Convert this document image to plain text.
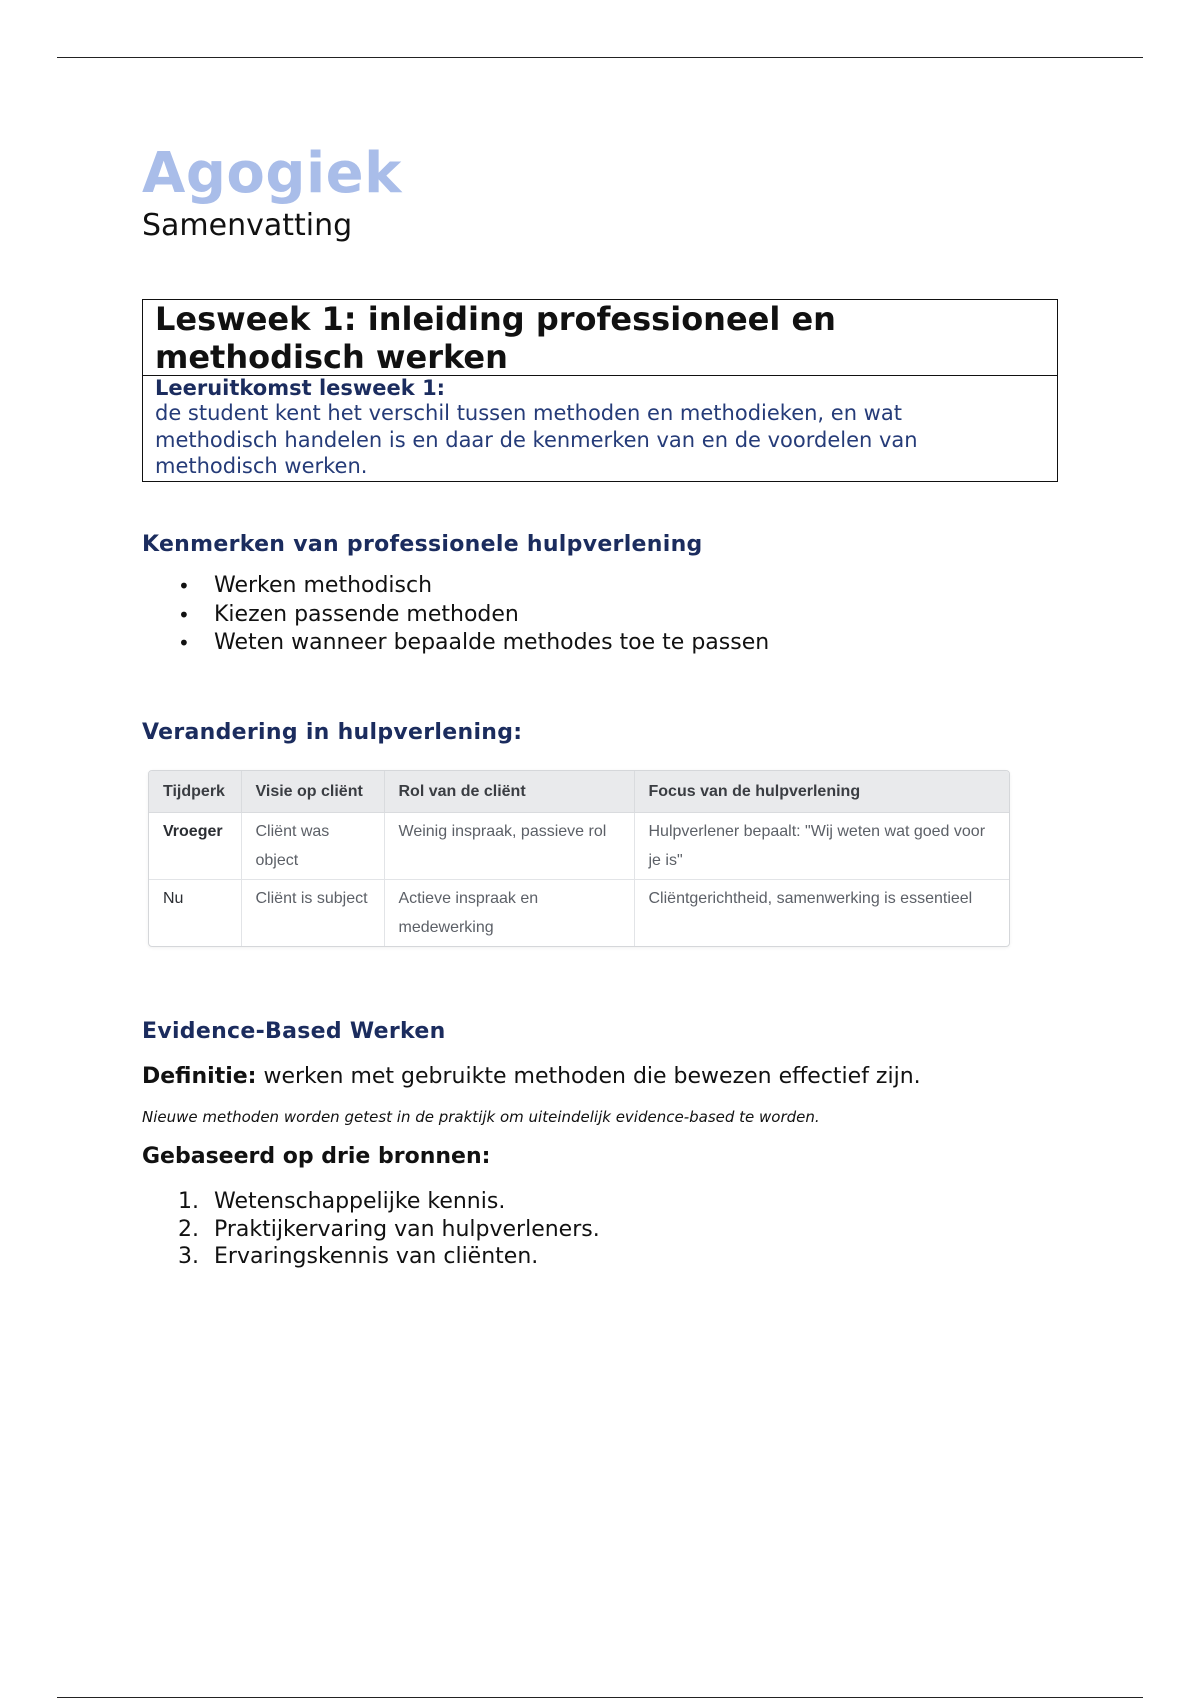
Agogiek
Samenvatting
Lesweek 1: inleiding professioneel en methodisch werken

Leeruitkomst lesweek 1:

de student kent het verschil tussen methoden en methodieken, en wat

methodisch handelen is en daar de kenmerken van en de voordelen van

methodisch werken.

Kenmerken van professionele hulpverlening
• Werken methodisch
• Kiezen passende methoden
• Weten wanneer bepaalde methodes toe te passen
Verandering in hulpverlening:
Tijdperk	Visie op cliënt	Rol van de cliënt	Focus van de hulpverlening
Vroeger	Cliënt was object	Weinig inspraak, passieve rol	Hulpverlener bepaalt: "Wij weten wat goed voor je is"
Nu	Cliënt is subject	Actieve inspraak en medewerking	Cliëntgerichtheid, samenwerking is essentieel
Evidence-Based Werken

Definitie: werken met gebruikte methoden die bewezen effectief zijn.

Nieuwe methoden worden getest in de praktijk om uiteindelijk evidence-based te worden.

Gebaseerd op drie bronnen:
1. Wetenschappelijke kennis.
2. Praktijkervaring van hulpverleners.
3. Ervaringskennis van cliënten.
